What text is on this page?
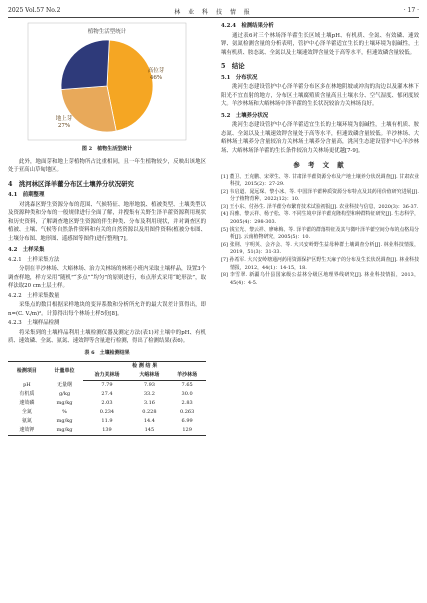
2025 Vol.57 No.2	林 业 科 技 情 报	· 17 ·
植物生活型统计
高位芽
46%
地上芽
27%
地面芽
27%
图 2　植物生活型统计

此外，地面芽和地上芽植物所占比重相同，且一年生植物较少，反映出该地区处于亚高山草甸地区。

4　洮河林区泽羊藿分布区土壤养分状况研究
4.1　前期整理

对洮森区野生资源分布的范围、气候特征、地形地貌、植被类型、土壤类型以及资源种类和分布的一般规律进行全面了解，并搜集有关野生泽羊藿资源利用现状和历史资料，了解调查地区野生资源的伴生种类、分布及利用现状，并对调查区的植被、土壤、气候等自然条件资料和有关的自然资源以及用图件资料(植被分布图、土壤分布图、地形图、遥感图等图件)进行整理[7]。

4.2　土样采集
4.2.1　土样采集方法

分别在羊沙林场、大峪林场、治力关林场的林班小班内采取土壤样品，设置3个调查样地，样方采用“随机”“多点”“均匀”的原则进行，布点形式采用“蛇形法”，取样法取20 cm土层土样。

4.2.2　土样采集数量

采集点的数目根据采样地块的变异系数和分析所允许的最大误差计算得出，即 n=(C. V./m)²。计算得出每个林场土样5份[8]。

4.2.3　土壤样品检测

将采集到的土壤样品利用土壤检测仪器及测定方法(表1)对土壤中的pH、有机质、速效磷、全氮、氨氮、速效钾等含量进行检测，得出了检测结果(表6)。

表 6　土壤检测结果
检测项目	计量单位	检 测 结 果		
		冶力关林场	大峪林场	羊沙林场
pH	无量纲	7.79	7.93	7.65
有机质	g/kg	27.4	33.2	30.0
速效磷	mg/kg	2.03	3.16	2.83
全氮	%	0.234	0.228	0.263
氨氮	mg/kg	11.9	14.4	6.99
速效钾	mg/kg	139	145	129
4.2.4　检测结果分析

通过表6对三个林场泽羊藿生长区域土壤pH、有机质、全氮、有效磷、速效钾、氨氮检测含量的分析表明，管护中心泽羊藿适宜生长的土壤环境为弱碱性，土壤有机质、胺态氮、全氮以及土壤速效钾含量处于高等水平，但速效磷含量较低。

5　结论
5.1　分布状况

洮河生态建设管护中心泽羊藿分布区多在林地阴坡或冲沟的沟边以及灌木林下阳光不宜直射的地方，分布区土壤腐殖质含量高且土壤水分、空气湿度、郁闭度较大。羊沙林场和大峪林场中泽羊藿的生长状况较治力关林场良好。

5.2　土壤养分状况

洮河生态建设管护中心泽羊藿适宜生长的土壤环境为弱碱性，土壤有机质、胺态氮、全氮以及土壤速效钾含量处于高等水平，但速效磷含量较低。羊沙林场、大峪林场土壤养分含量较冶力关林场土壤养分含量高，洮河生态建设管护中心羊沙林场、大峪林场泽羊藿的生长条件较冶力关林场更优越[7-9]。

参 考 文 献

[1] 董卫、王克鹏、宋翠生、等. 甘肃泽羊藿资源分布及产地土壤养分状况调查[J]. 甘肃农业科技，2015(2)：27-29.

[2] 韦启道、晁远琛、黎小冰、等. 中国泽羊藿种质资源分布特点及其药用价值研究进展[J]. 分子植物育种，2022(12)：10.

[3] 王小东、付孙生. 泽羊藿分布繁育技术试验初报[J]. 农业科技与信息，2020(3)：36-37.

[4] 冯雅、黎云祥、杨子松、等. 不同生境中泽羊藿克隆构型和种群特征研究[J]. 生态科学，2005(4)：298-303.

[5] 钱宝光、黎云祥、廖咏梅、等. 泽羊藿的群落特征及其与微叶泽羊藿空间分布的点格局分析[J]. 云南植物研究，2005(5)：10.

[6] 张荆、宇明英、会齐会、等. 大兴安岭野生益母种群土壤调查分析[J]. 林业科技情报，2019，51(3)：31-33.

[7] 孙希军. 大兴安岭塘通河药用资源保护区野生天麻子的分布及生长状况调查[J]. 林业科技情报，2012，44(1)：14-15，18.

[8] 李雪翠. 新疆乌什县国家级公益林分级区地理界线研究[J]. 林业科技情报，2013，45(4)：4-5.
